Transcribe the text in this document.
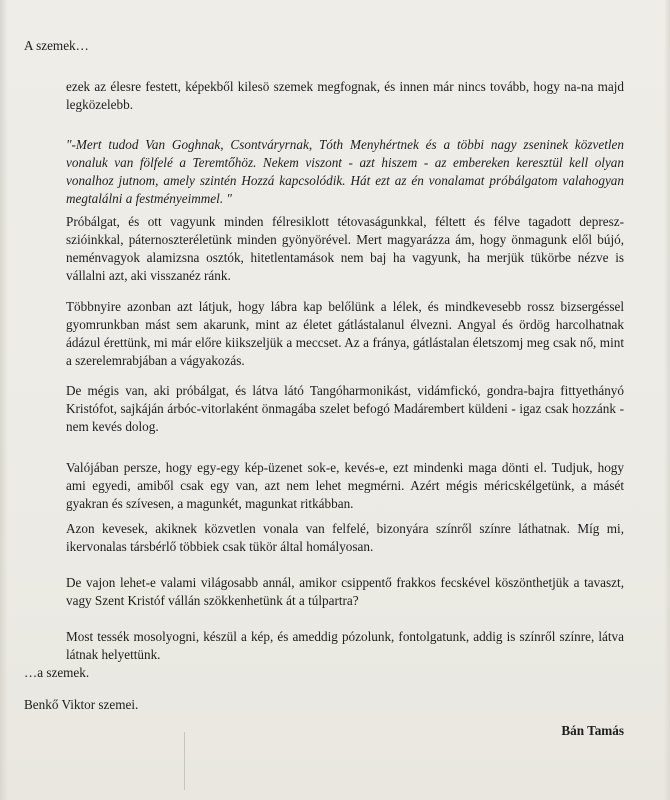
A szemek…
ezek az élesre festett, képekből kilesö szemek megfognak, és innen már nincs tovább, hogy na-na majd legközelebb.
"-Mert tudod Van Goghnak, Csontváryrnak, Tóth Menyhértnek és a többi nagy zseninek közvetlen vonaluk van fölfelé a Teremtőhöz. Nekem viszont - azt hiszem - az embereken keresztül kell olyan vonalhoz jutnom, amely szintén Hozzá kapcsolódik. Hát ezt az én vonalamat próbálgatom valahogyan megtalálni a festményeimmel. "
Próbálgat, és ott vagyunk minden félresiklott tétovaságunkkal, féltett és félve tagadott depresz-szióinkkal, páternoszteréletünk minden gyönyörével. Mert magyarázza ám, hogy önmagunk elől bújó, neménvagyok alamizsna osztók, hitetlentamások nem baj ha vagyunk, ha merjük tükörbe nézve is vállalni azt, aki visszanéz ránk.
Többnyire azonban azt látjuk, hogy lábra kap belőlünk a lélek, és mindkevesebb rossz bizsergéssel gyomrunkban mást sem akarunk, mint az életet gátlástalanul élvezni. Angyal és ördög harcolhatnak ádázul érettünk, mi már előre kiikszeljük a meccset. Az a fránya, gátlástalan életszomj meg csak nő, mint a szerelemrabjában a vágyakozás.
De mégis van, aki próbálgat, és látva látó Tangóharmonikást, vidámfickó, gondra-bajra fittyethányó Kristófot, sajkáján árbóc-vitorlaként önmagába szelet befogó Madárembert küldeni - igaz csak hozzánk - nem kevés dolog.
Valójában persze, hogy egy-egy kép-üzenet sok-e, kevés-e, ezt mindenki maga dönti el. Tudjuk, hogy ami egyedi, amiből csak egy van, azt nem lehet megmérni. Azért mégis méricskélgetünk, a másét gyakran és szívesen, a magunkét, magunkat ritkábban.
Azon kevesek, akiknek közvetlen vonala van felfelé, bizonyára színről színre láthatnak. Míg mi, ikervonalas társbérlő többiek csak tükör által homályosan.
De vajon lehet-e valami világosabb annál, amikor csippentő frakkos fecskével köszönthetjük a tavaszt, vagy Szent Kristóf vállán szökkenhetünk át a túlpartra?
Most tessék mosolyogni, készül a kép, és ameddig pózolunk, fontolgatunk, addig is színről színre, látva látnak helyettünk.
…a szemek.
Benkő Viktor szemei.
Bán Tamás
